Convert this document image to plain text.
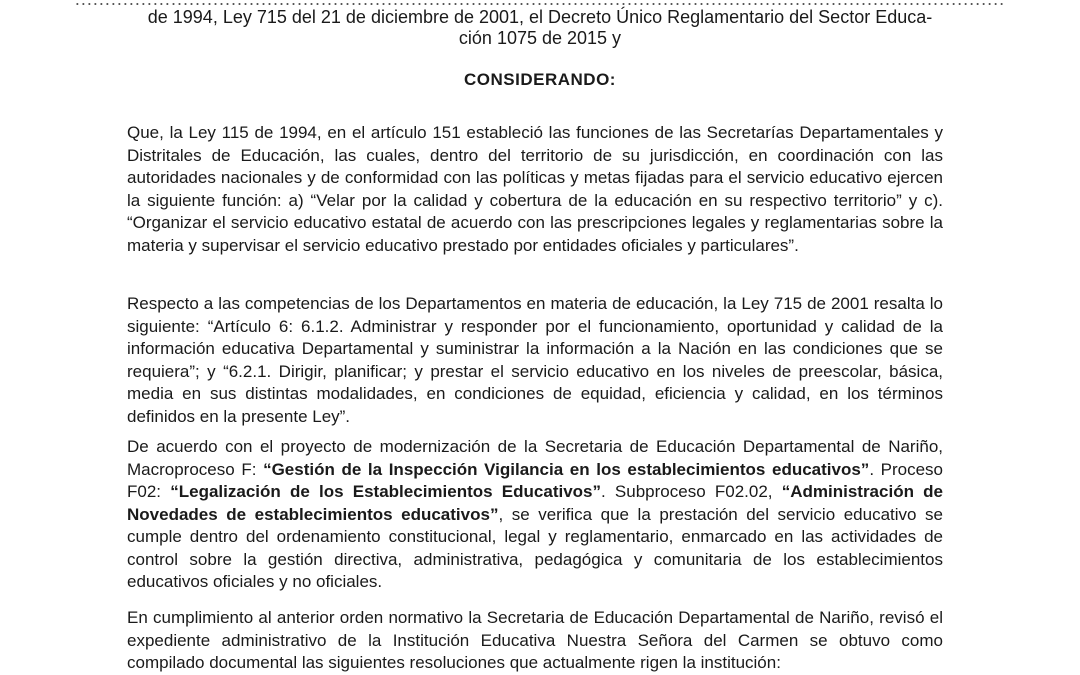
de 1994, Ley 715 del 21 de diciembre de 2001, el Decreto Único Reglamentario del Sector Educa-
ción 1075 de 2015 y
CONSIDERANDO:
Que, la Ley 115 de 1994, en el artículo 151 estableció las funciones de las Secretarías Departamentales y Distritales de Educación, las cuales, dentro del territorio de su jurisdicción, en coordinación con las autoridades nacionales y de conformidad con las políticas y metas fijadas para el servicio educativo ejercen la siguiente función: a) “Velar por la calidad y cobertura de la educación en su respectivo territorio” y c). “Organizar el servicio educativo estatal de acuerdo con las prescripciones legales y reglamentarias sobre la materia y supervisar el servicio educativo prestado por entidades oficiales y particulares”.
Respecto a las competencias de los Departamentos en materia de educación, la Ley 715 de 2001 resalta lo siguiente: “Artículo 6: 6.1.2. Administrar y responder por el funcionamiento, oportunidad y calidad de la información educativa Departamental y suministrar la información a la Nación en las condiciones que se requiera”; y “6.2.1. Dirigir, planificar; y prestar el servicio educativo en los niveles de preescolar, básica, media en sus distintas modalidades, en condiciones de equidad, eficiencia y calidad, en los términos definidos en la presente Ley”.
De acuerdo con el proyecto de modernización de la Secretaria de Educación Departamental de Nariño, Macroproceso F: “Gestión de la Inspección Vigilancia en los establecimientos educativos”. Proceso F02: “Legalización de los Establecimientos Educativos”. Subproceso F02.02, “Administración de Novedades de establecimientos educativos”, se verifica que la prestación del servicio educativo se cumple dentro del ordenamiento constitucional, legal y reglamentario, enmarcado en las actividades de control sobre la gestión directiva, administrativa, pedagógica y comunitaria de los establecimientos educativos oficiales y no oficiales.
En cumplimiento al anterior orden normativo la Secretaria de Educación Departamental de Nariño, revisó el expediente administrativo de la Institución Educativa Nuestra Señora del Carmen se obtuvo como compilado documental las siguientes resoluciones que actualmente rigen la institución:
